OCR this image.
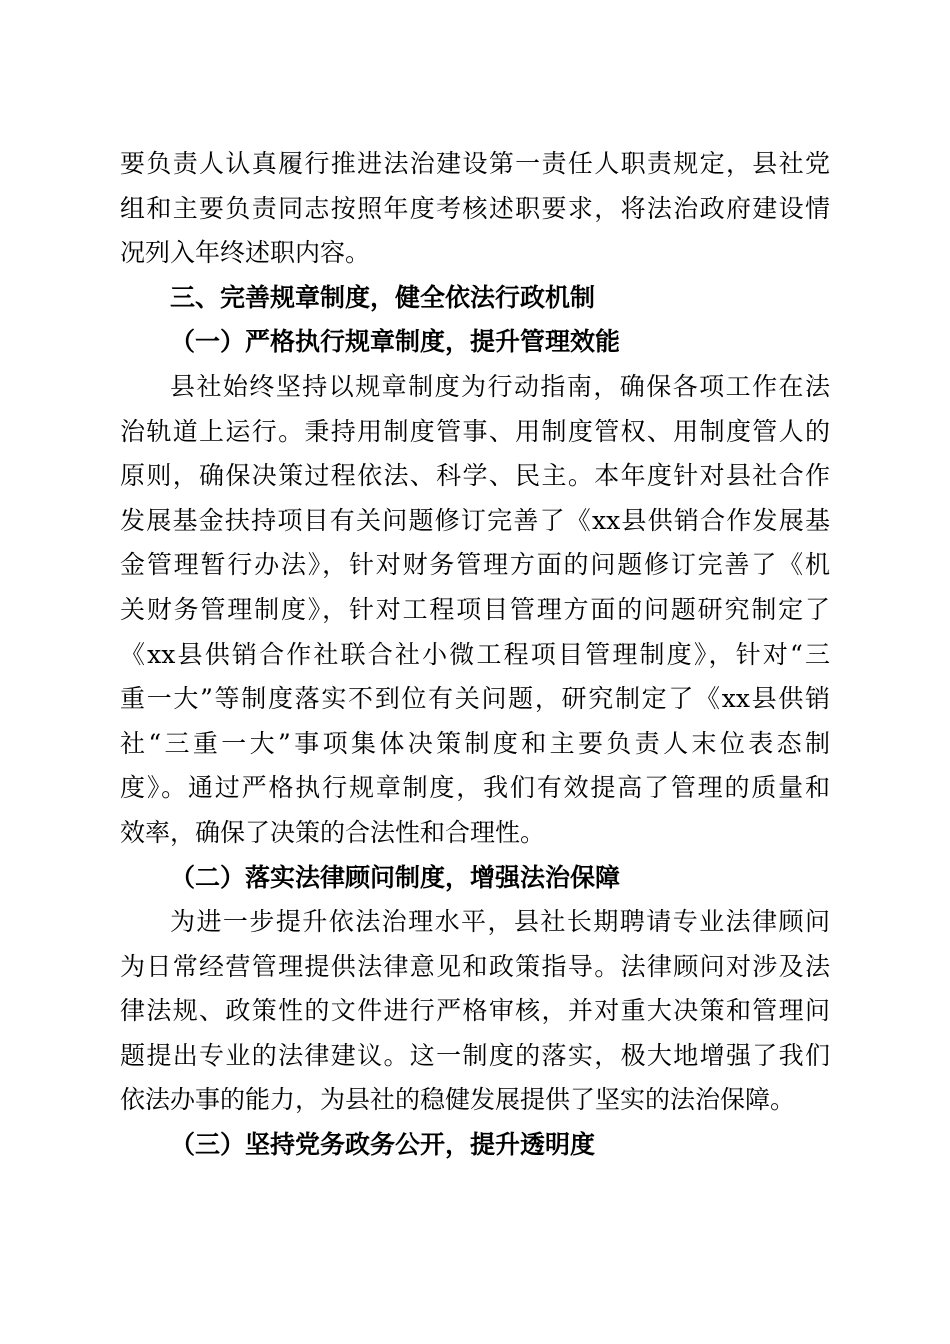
要负责人认真履行推进法治建设第一责任人职责规定，县社党
组和主要负责同志按照年度考核述职要求，将法治政府建设情
况列入年终述职内容。
三、完善规章制度，健全依法行政机制
（一）严格执行规章制度，提升管理效能
县社始终坚持以规章制度为行动指南，确保各项工作在法
治轨道上运行。秉持用制度管事、用制度管权、用制度管人的
原则，确保决策过程依法、科学、民主。本年度针对县社合作
发展基金扶持项目有关问题修订完善了《xx县供销合作发展基
金管理暂行办法》，针对财务管理方面的问题修订完善了《机
关财务管理制度》，针对工程项目管理方面的问题研究制定了
《xx县供销合作社联合社小微工程项目管理制度》，针对“三
重一大”等制度落实不到位有关问题，研究制定了《xx县供销
社“三重一大”事项集体决策制度和主要负责人末位表态制
度》。通过严格执行规章制度，我们有效提高了管理的质量和
效率，确保了决策的合法性和合理性。
（二）落实法律顾问制度，增强法治保障
为进一步提升依法治理水平，县社长期聘请专业法律顾问
为日常经营管理提供法律意见和政策指导。法律顾问对涉及法
律法规、政策性的文件进行严格审核，并对重大决策和管理问
题提出专业的法律建议。这一制度的落实，极大地增强了我们
依法办事的能力，为县社的稳健发展提供了坚实的法治保障。
（三）坚持党务政务公开，提升透明度
